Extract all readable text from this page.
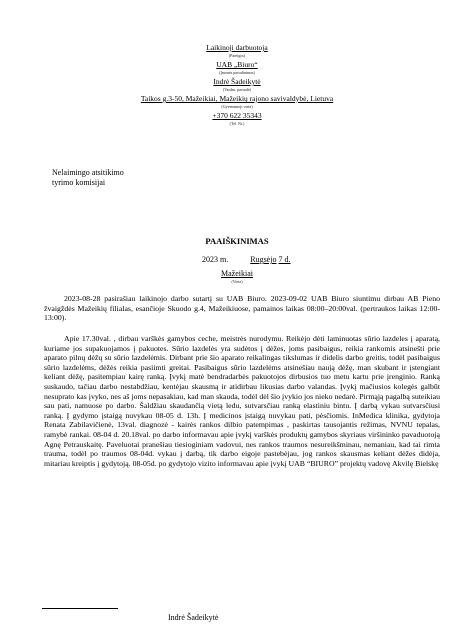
Laikinoji darbuotoja
(Pareigos)
UAB „Biuro“
(Įmonės pavadinimas)
Indrė Šadeikytė
(Vardas, pavardė)
Taikos g.3-50, Mažeikiai, Mažeikių rajono savivaldybė, Lietuva
(Gyvenamoji vieta)
+370 622 35343
(Tel. Nr.)
Nelaimingo atsitikimo
tyrimo komisijai
PAAIŠKINIMAS
2023 m.	Rugsėjo 7 d.
Mažeikiai
(Vieta)

2023-08-28 pasirašiau laikinojo darbo sutartį su UAB Biuro. 2023-09-02 UAB Biuro siuntimu dirbau AB Pieno žvaigždės Mažeikių filialas, esančioje Skuodo g.4, Mažeikiuose, pamainos laikas 08:00–20:00val. (pertraukos laikas 12:00-13:00).

Apie 17.30val. , dirbau varškės gamybos ceche, meistrės nurodymu. Reikėjo dėti laminuotas sūrio lazdeles į aparatą, kuriame jos supakuojamos į pakuotes. Sūrio lazdelės yra sudėtos į dėžes, joms pasibaigus, reikia rankomis atsinešti prie aparato pilnų dėžų su sūrio lazdelėmis. Dirbant prie šio aparato reikalingas tikslumas ir didelis darbo greitis, todėl pasibaigus sūrio lazdelėms, dėžės reikia pasiimti greitai. Pasibaigus sūrio lazdelėms atsinešiau naują dėžę, man skubant ir įstengiant keliant dėžę, pasitempiau kairę ranką. Įvykį matė bendradarbės pakuotojos dirbusios tuo metu kartu prie įrenginio. Ranką suskaudo, tačiau darbo nestabdžiau, kentėjau skausmą ir atidirbau likusias darbo valandas. Įvykį mačiusios kolegės galbūt nesuprato kas įvyko, nes aš joms nepasakiau, kad man skauda, todėl dėl šio įvykio jos nieko nedarė. Pirmąją pagalbą suteikiau sau pati, namuose po darbo. Šaldžiau skaudančią vietą ledu, sutvarsčiau ranką elastiniu bintu. Į darbą vykau sutvarsčiusi ranką. Į gydymo įstaigą nuvykau 08-05 d. 13h. Į medicinos įstaigą nuvykau pati, pėsčiomis. InMedica klinika, gydytoja Renata Zabilavičienė, 13val. diagnozė - kairės rankos dilbio patempimas , paskirtas tausojantis režimas, NVNU tepalas, ramybė rankai. 08-04 d. 20.18val. po darbo informavau apie įvykį varškės produktų gamybos skyriaus viršininko pavaduotoją Agnę Petrauskaitę. Paveluotai pranešiau tiesioginiam vadovui, nes rankos traumos nesureikšminau, nemaniau, kad tai rimta trauma, todėl po traumos 08-04d. vykau į darbą, tik darbo eigoje pastebėjau, jog rankos skausmas keliant dėžes didėja, mitariau kreiptis į gydytoją. 08-05d. po gydytojo vizito informavau apie įvykį UAB “BIURO” projektų vadovę Akvilę Bielskę

Indrė Šadeikytė
